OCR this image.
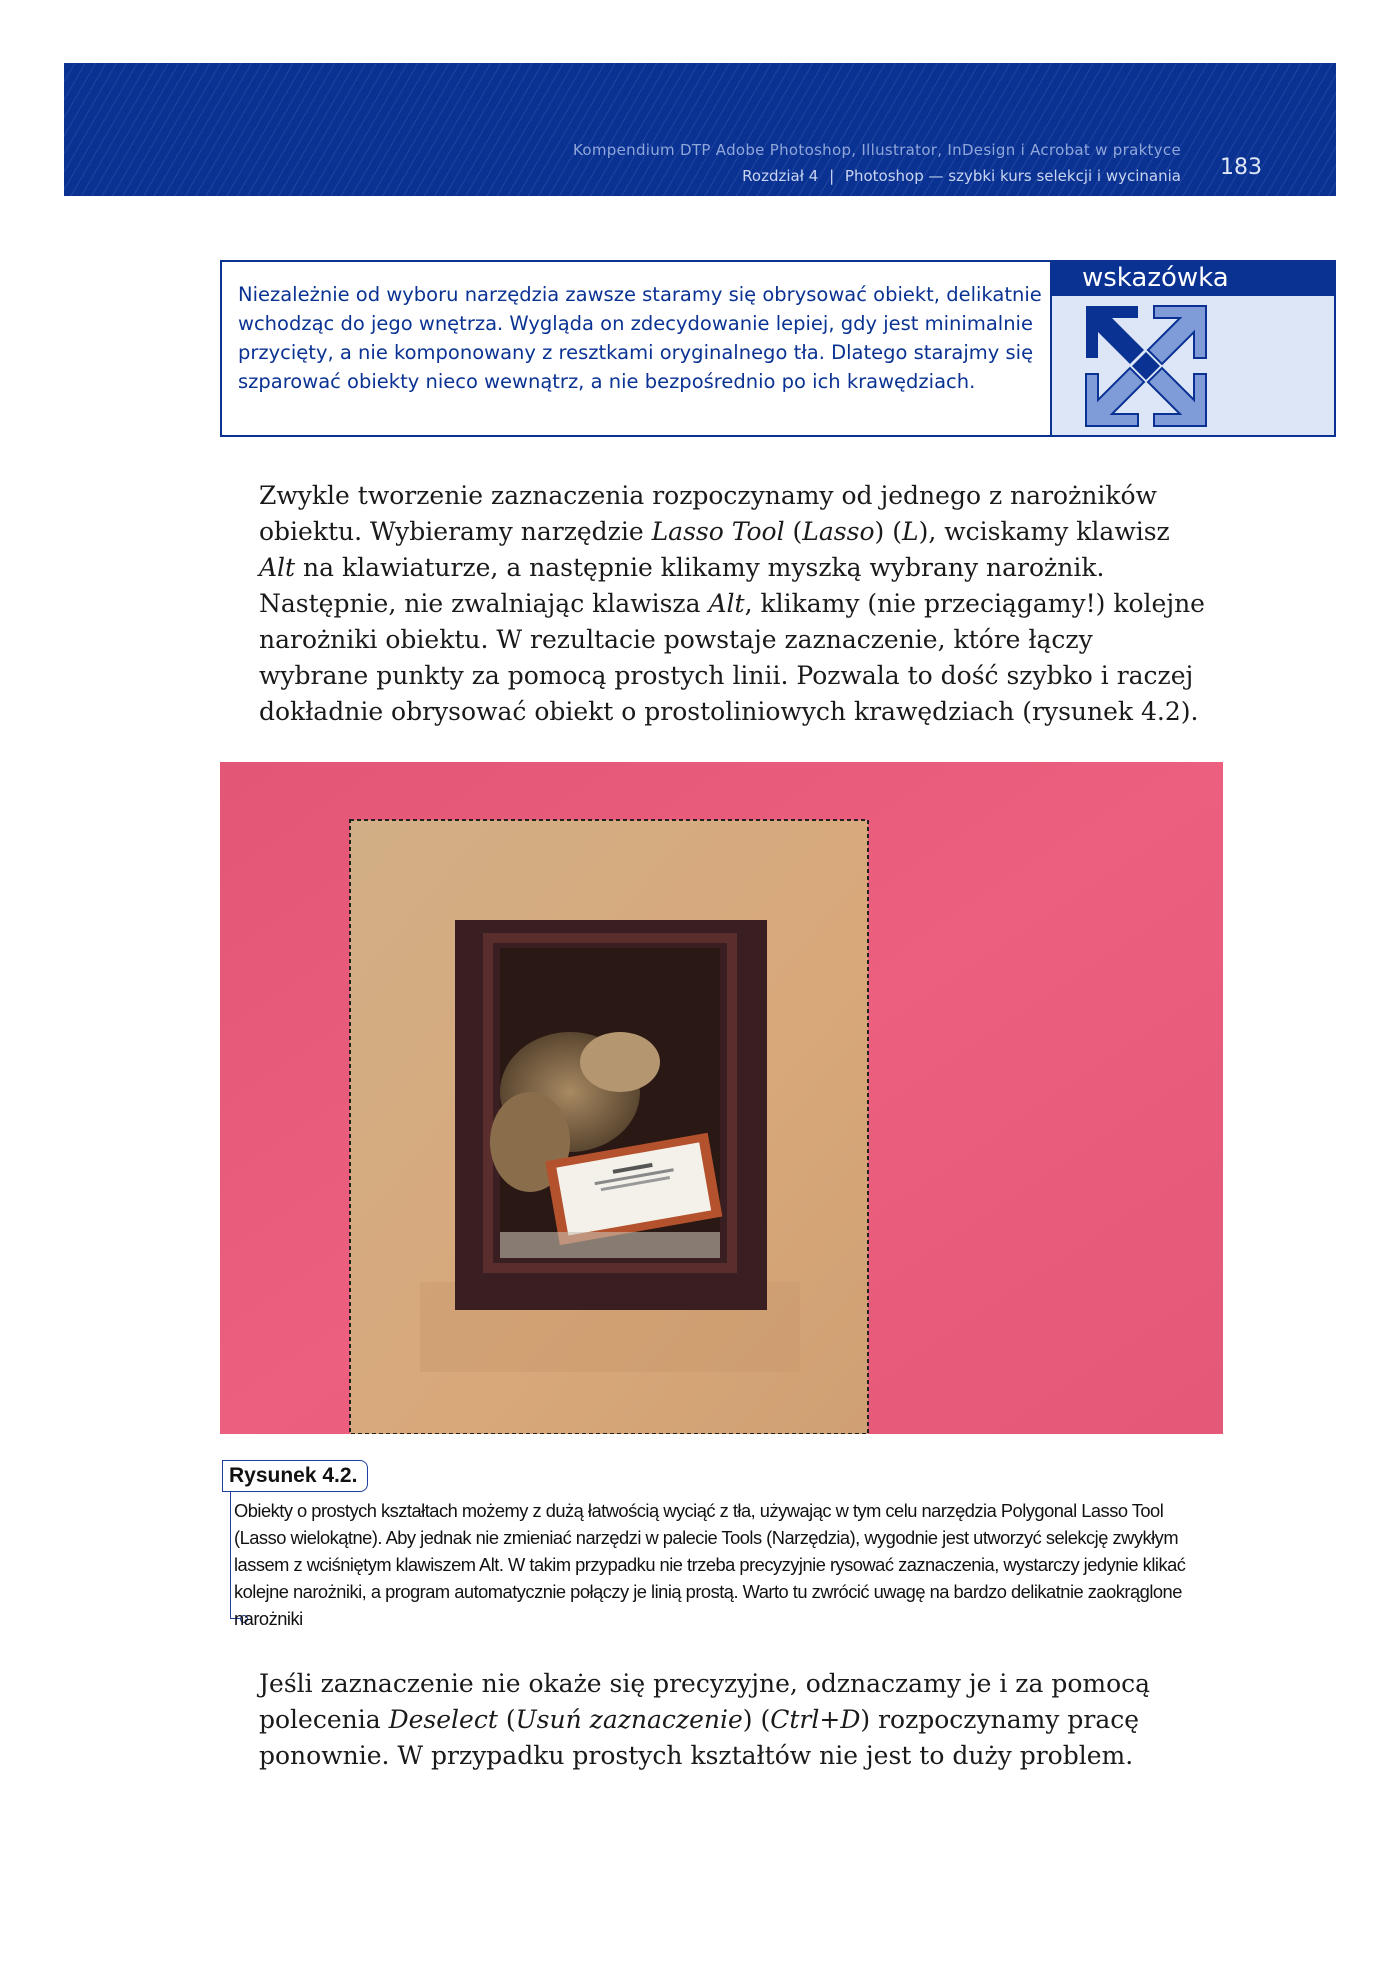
Kompendium DTP Adobe Photoshop, Illustrator, InDesign i Acrobat w praktyce
Rozdział 4 | Photoshop — szybki kurs selekcji i wycinania 183
Niezależnie od wyboru narzędzia zawsze staramy się obrysować obiekt, delikatnie wchodząc do jego wnętrza. Wygląda on zdecydowanie lepiej, gdy jest minimalnie przycięty, a nie komponowany z resztkami oryginalnego tła. Dlatego starajmy się szparować obiekty nieco wewnątrz, a nie bezpośrednio po ich krawędziach.
wskazówka
Zwykle tworzenie zaznaczenia rozpoczynamy od jednego z narożników obiektu. Wybieramy narzędzie Lasso Tool (Lasso) (L), wciskamy klawisz Alt na klawiaturze, a następnie klikamy myszką wybrany narożnik. Następnie, nie zwalniając klawisza Alt, klikamy (nie przeciągamy!) kolejne narożniki obiektu. W rezultacie powstaje zaznaczenie, które łączy wybrane punkty za pomocą prostych linii. Pozwala to dość szybko i raczej dokładnie obrysować obiekt o prostoliniowych krawędziach (rysunek 4.2).
Rysunek 4.2.
Obiekty o prostych kształtach możemy z dużą łatwością wyciąć z tła, używając w tym celu narzędzia Polygonal Lasso Tool (Lasso wielokątne). Aby jednak nie zmieniać narzędzi w palecie Tools (Narzędzia), wygodnie jest utworzyć selekcję zwykłym lassem z wciśniętym klawiszem Alt. W takim przypadku nie trzeba precyzyjnie rysować zaznaczenia, wystarczy jedynie klikać kolejne narożniki, a program automatycznie połączy je linią prostą. Warto tu zwrócić uwagę na bardzo delikatnie zaokrąglone narożniki
Jeśli zaznaczenie nie okaże się precyzyjne, odznaczamy je i za pomocą polecenia Deselect (Usuń zaznaczenie) (Ctrl+D) rozpoczynamy pracę ponownie. W przypadku prostych kształtów nie jest to duży problem.
